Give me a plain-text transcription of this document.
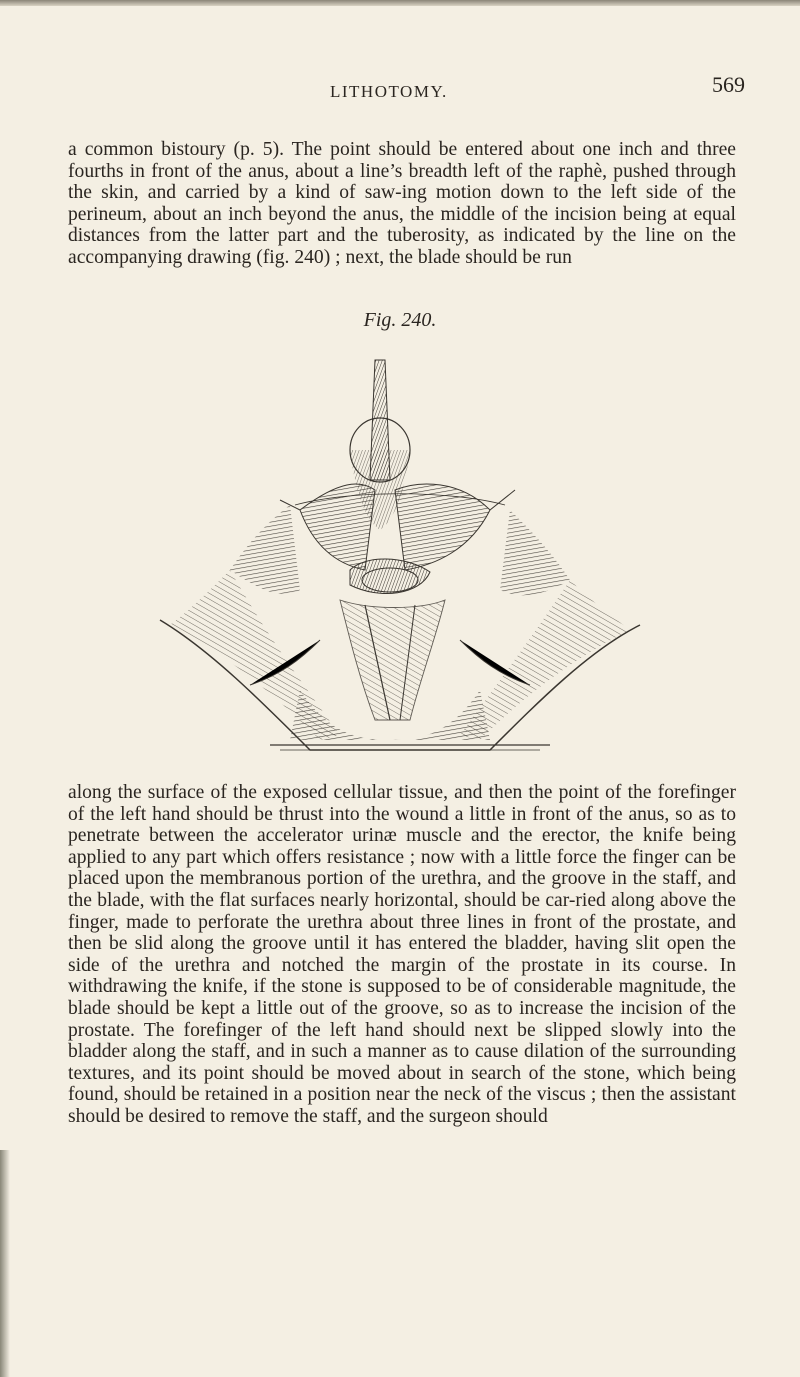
LITHOTOMY.	569

a common bistoury (p. 5). The point should be entered about one inch and three fourths in front of the anus, about a line’s breadth left of the raphè, pushed through the skin, and carried by a kind of saw-ing motion down to the left side of the perineum, about an inch beyond the anus, the middle of the incision being at equal distances from the latter part and the tuberosity, as indicated by the line on the accompanying drawing (fig. 240) ; next, the blade should be run

Fig. 240.

along the surface of the exposed cellular tissue, and then the point of the forefinger of the left hand should be thrust into the wound a little in front of the anus, so as to penetrate between the accelerator urinæ muscle and the erector, the knife being applied to any part which offers resistance ; now with a little force the finger can be placed upon the membranous portion of the urethra, and the groove in the staff, and the blade, with the flat surfaces nearly horizontal, should be car-ried along above the finger, made to perforate the urethra about three lines in front of the prostate, and then be slid along the groove until it has entered the bladder, having slit open the side of the urethra and notched the margin of the prostate in its course. In withdrawing the knife, if the stone is supposed to be of considerable magnitude, the blade should be kept a little out of the groove, so as to increase the incision of the prostate. The forefinger of the left hand should next be slipped slowly into the bladder along the staff, and in such a manner as to cause dilation of the surrounding textures, and its point should be moved about in search of the stone, which being found, should be retained in a position near the neck of the viscus ; then the assistant should be desired to remove the staff, and the surgeon should
